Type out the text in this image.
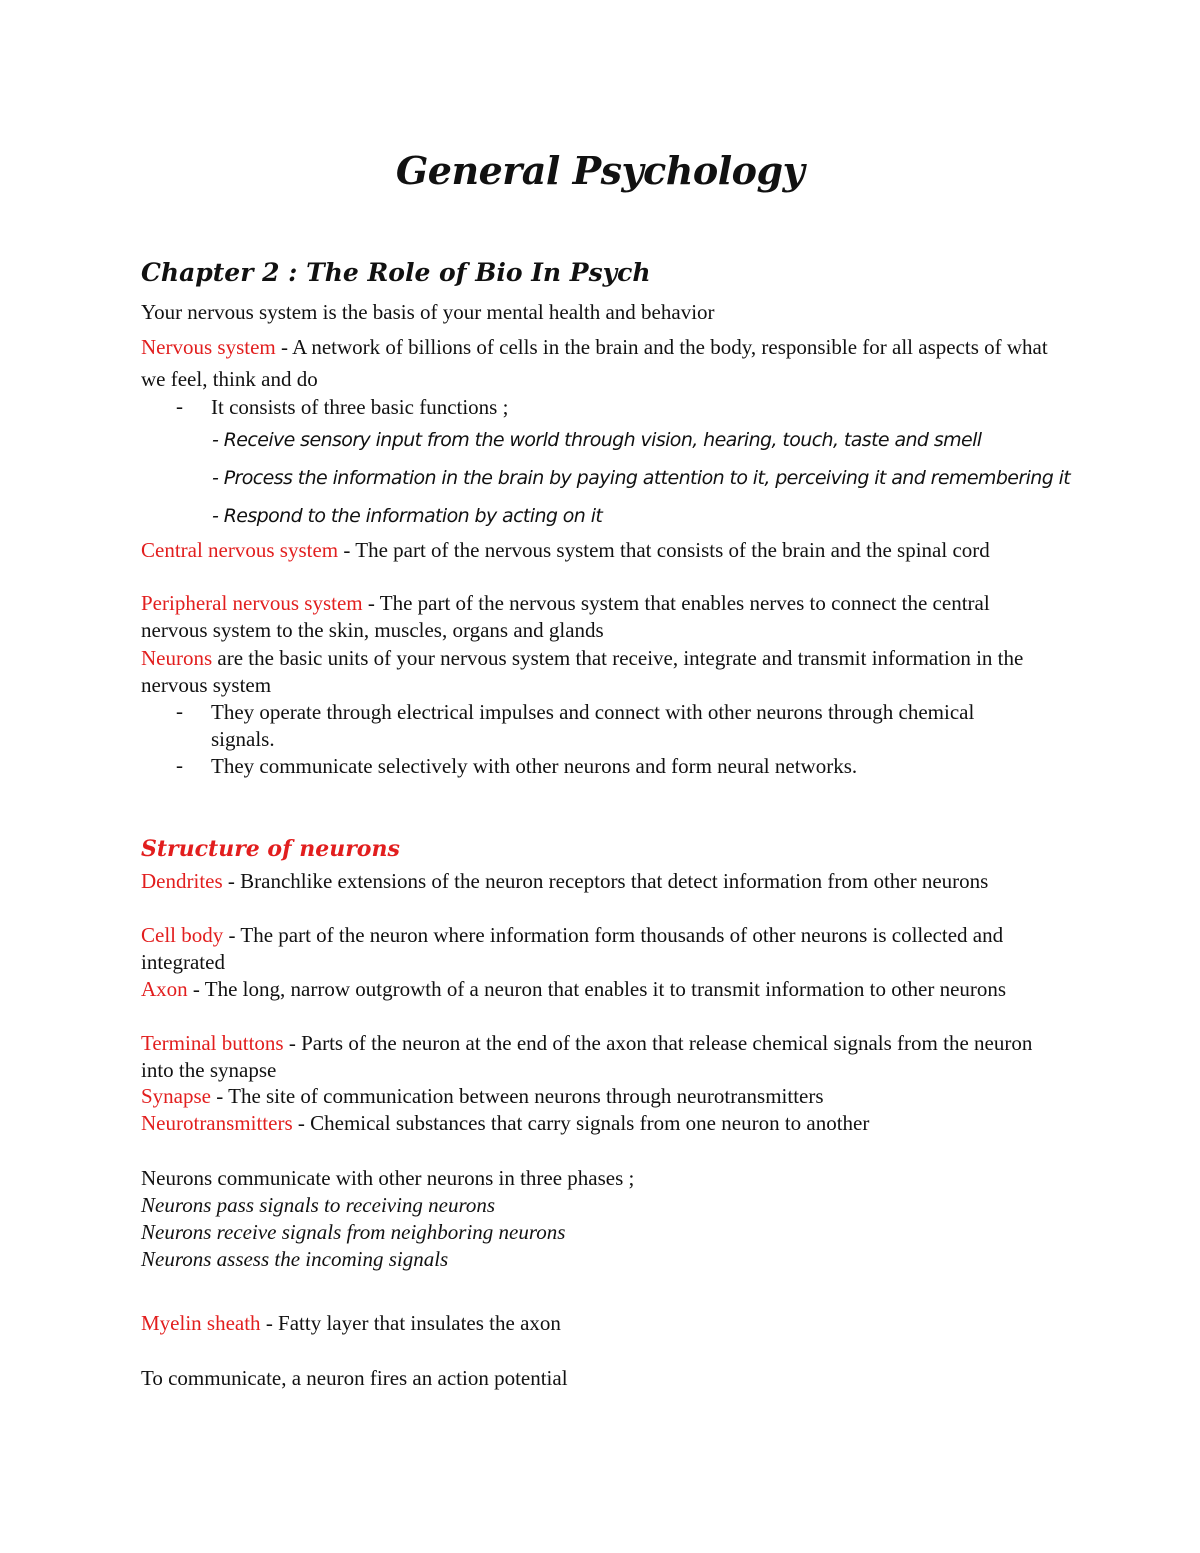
General Psychology
Chapter 2 : The Role of Bio In Psych
Your nervous system is the basis of your mental health and behavior
Nervous system - A network of billions of cells in the brain and the body, responsible for all aspects of what we feel, think and do
- It consists of three basic functions ;
- Receive sensory input from the world through vision, hearing, touch, taste and smell
- Process the information in the brain by paying attention to it, perceiving it and remembering it
- Respond to the information by acting on it
Central nervous system - The part of the nervous system that consists of the brain and the spinal cord
Peripheral nervous system - The part of the nervous system that enables nerves to connect the central nervous system to the skin, muscles, organs and glands
Neurons are the basic units of your nervous system that receive, integrate and transmit information in the nervous system
- They operate through electrical impulses and connect with other neurons through chemical signals.
- They communicate selectively with other neurons and form neural networks.
Structure of neurons
Dendrites - Branchlike extensions of the neuron receptors that detect information from other neurons
Cell body - The part of the neuron where information form thousands of other neurons is collected and integrated
Axon - The long, narrow outgrowth of a neuron that enables it to transmit information to other neurons
Terminal buttons - Parts of the neuron at the end of the axon that release chemical signals from the neuron into the synapse
Synapse - The site of communication between neurons through neurotransmitters
Neurotransmitters - Chemical substances that carry signals from one neuron to another
Neurons communicate with other neurons in three phases ;
Neurons pass signals to receiving neurons
Neurons receive signals from neighboring neurons
Neurons assess the incoming signals
Myelin sheath - Fatty layer that insulates the axon
To communicate, a neuron fires an action potential
